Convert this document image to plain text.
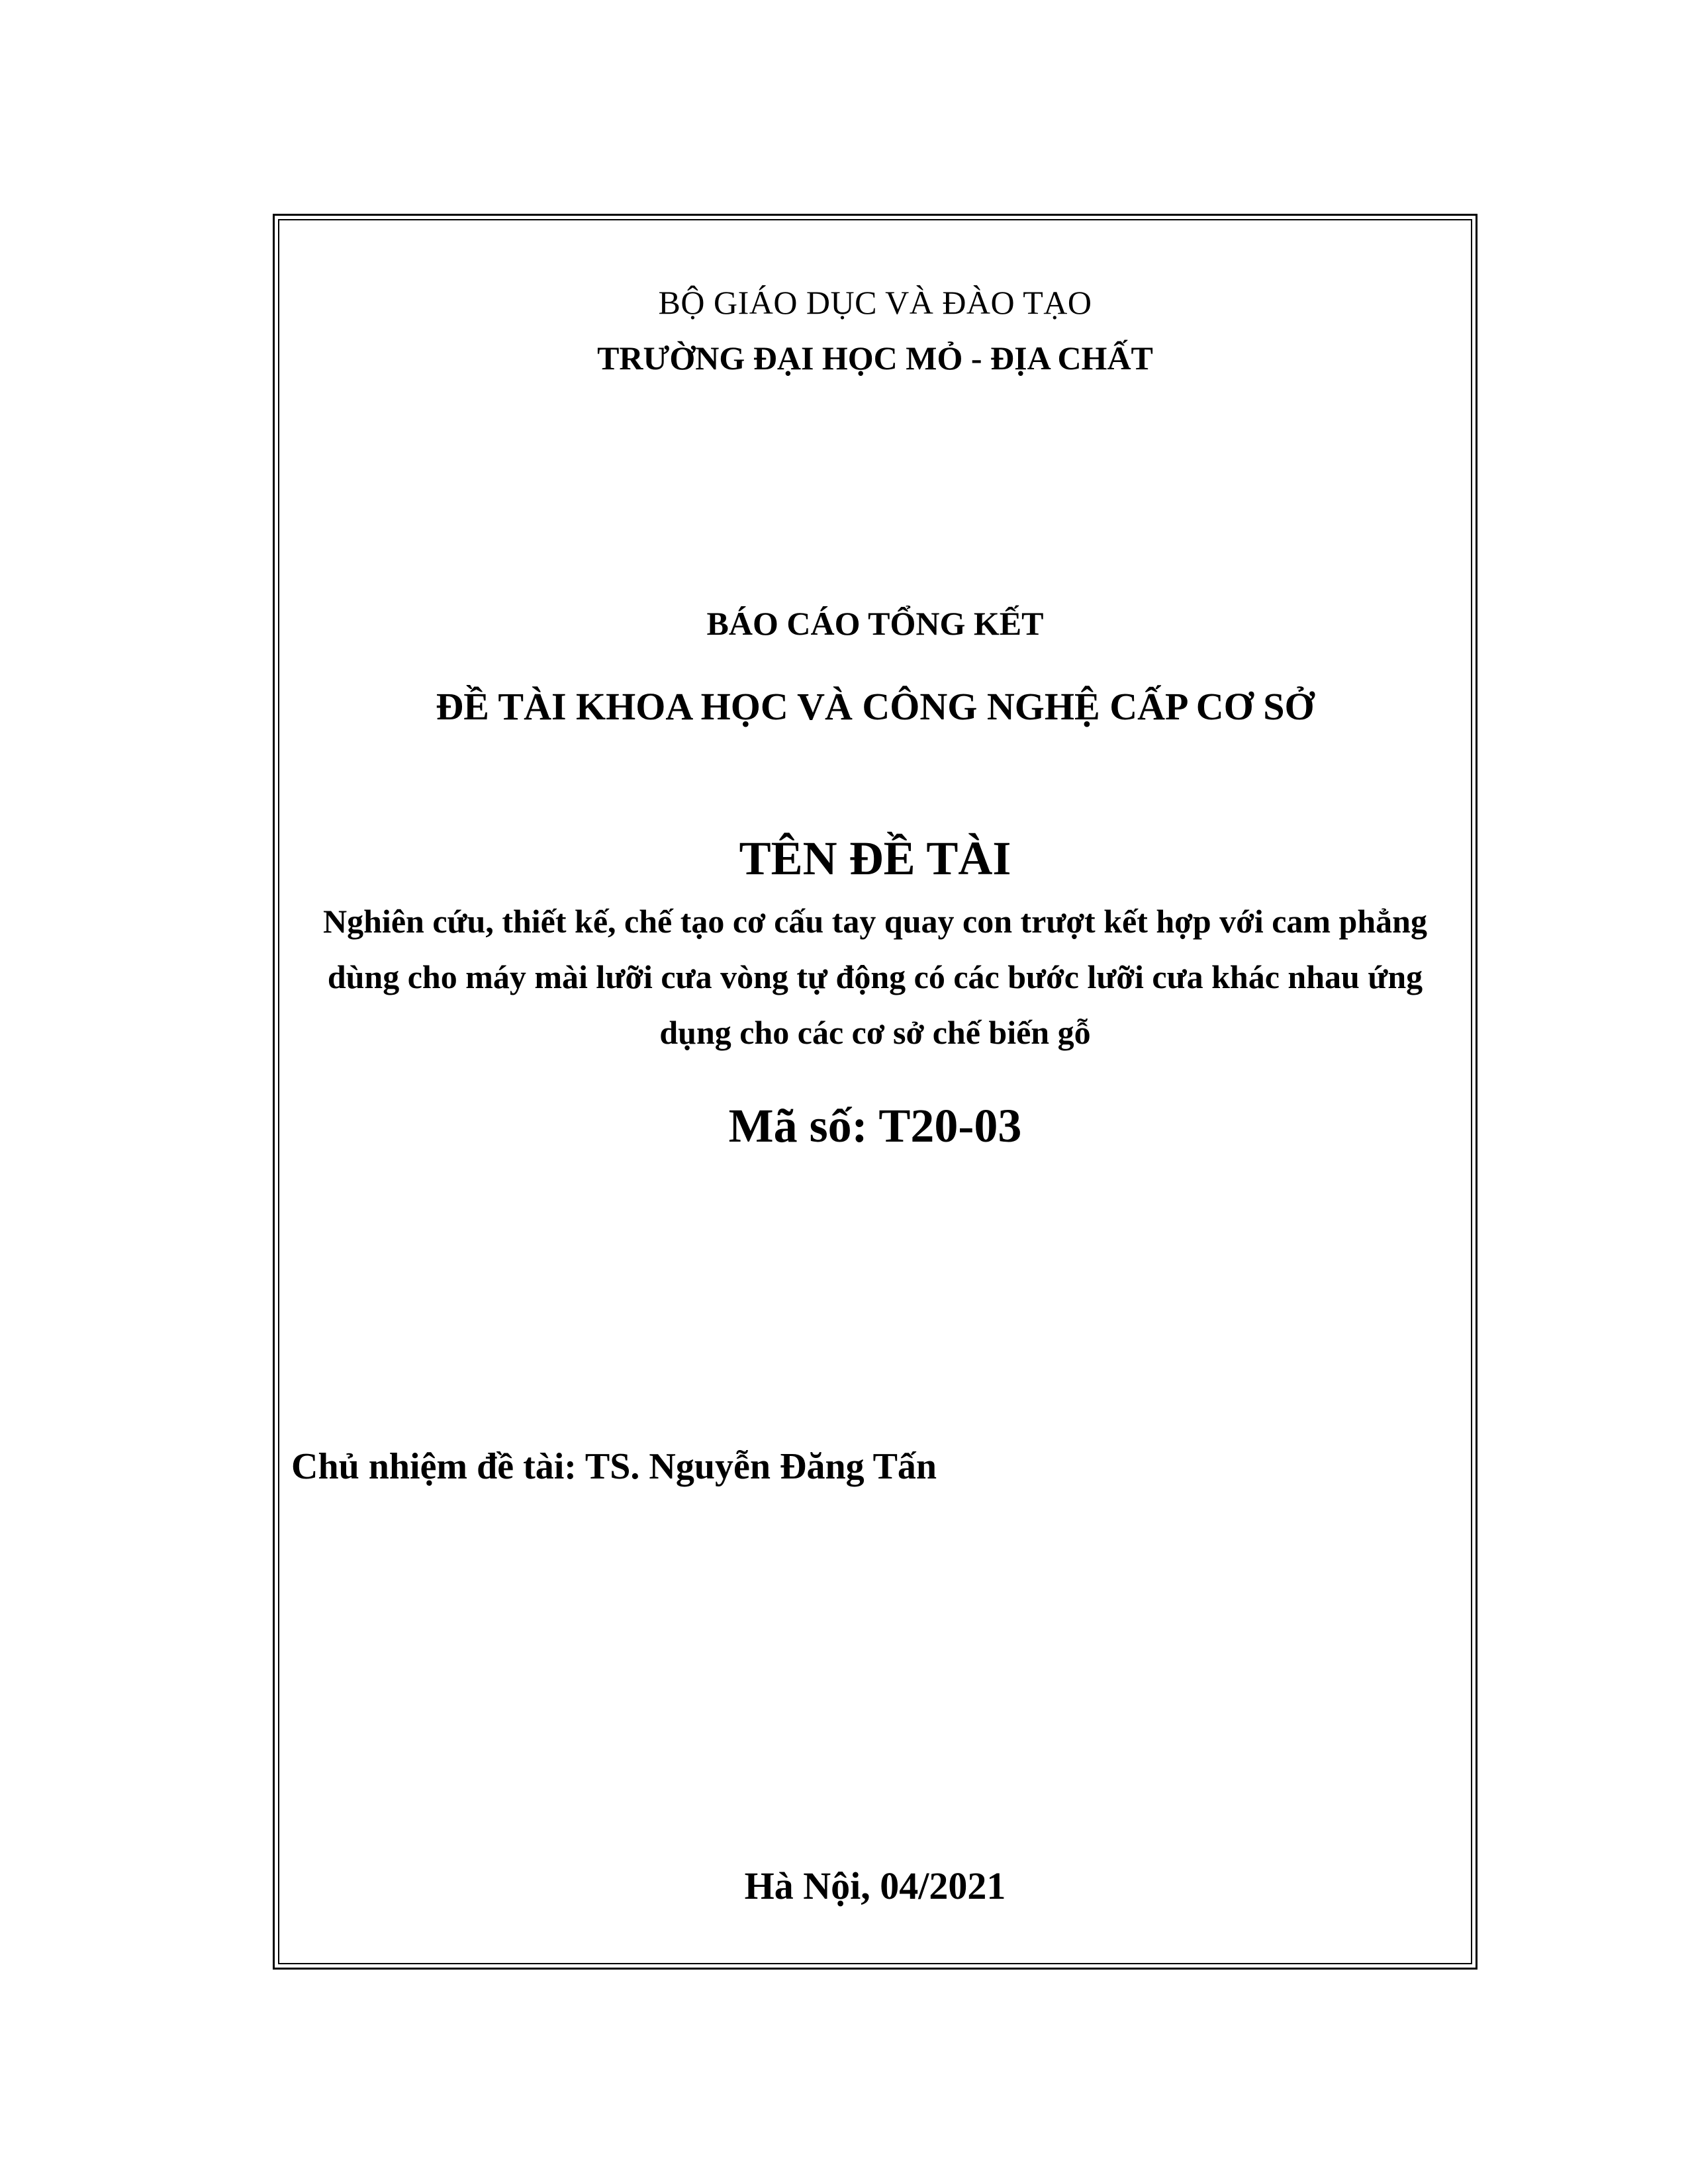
BỘ GIÁO DỤC VÀ ĐÀO TẠO
TRƯỜNG ĐẠI HỌC MỎ - ĐỊA CHẤT
BÁO CÁO TỔNG KẾT
ĐỀ TÀI KHOA HỌC VÀ CÔNG NGHỆ CẤP CƠ SỞ
TÊN ĐỀ TÀI
Nghiên cứu, thiết kế, chế tạo cơ cấu tay quay con trượt kết hợp với cam phẳng
dùng cho máy mài lưỡi cưa vòng tự động có các bước lưỡi cưa khác nhau ứng
dụng cho các cơ sở chế biến gỗ
Mã số: T20-03
Chủ nhiệm đề tài: TS. Nguyễn Đăng Tấn
Hà Nội, 04/2021
